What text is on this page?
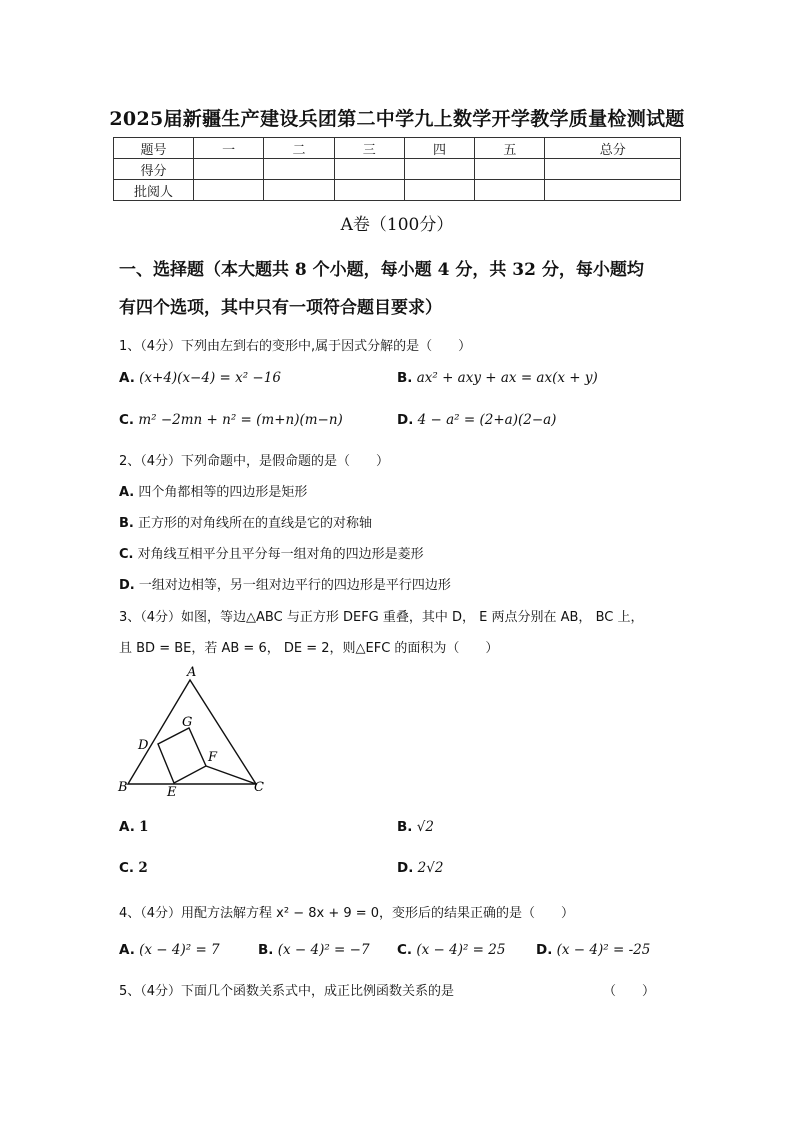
2025届新疆生产建设兵团第二中学九上数学开学教学质量检测试题
题号	一	二	三	四	五	总分
得分						
批阅人						
A卷（100分）
一、选择题（本大题共 8 个小题，每小题 4 分，共 32 分，每小题均
有四个选项，其中只有一项符合题目要求）
1、（4分）下列由左到右的变形中,属于因式分解的是（　　）
A. (x+4)(x−4) = x² −16	B. ax² + axy + ax = ax(x + y)
C. m² −2mn + n² = (m+n)(m−n)	D. 4 − a² = (2+a)(2−a)
2、（4分）下列命题中，是假命题的是（　　）
A. 四个角都相等的四边形是矩形
B. 正方形的对角线所在的直线是它的对称轴
C. 对角线互相平分且平分每一组对角的四边形是菱形
D. 一组对边相等，另一组对边平行的四边形是平行四边形
3、（4分）如图，等边△ABC 与正方形 DEFG 重叠，其中 D， E 两点分别在 AB， BC 上，
且 BD = BE，若 AB = 6， DE = 2，则△EFC 的面积为（　　）
A
B	C
D
E
F
G
A. 1	B. √2
C. 2	D. 2√2
4、（4分）用配方法解方程 x² − 8x + 9 = 0，变形后的结果正确的是（　　）
A. (x − 4)² = 7	B. (x − 4)² = −7 C. (x − 4)² = 25 D. (x − 4)² = -25
5、（4分）下面几个函数关系式中，成正比例函数关系的是	（　　）
